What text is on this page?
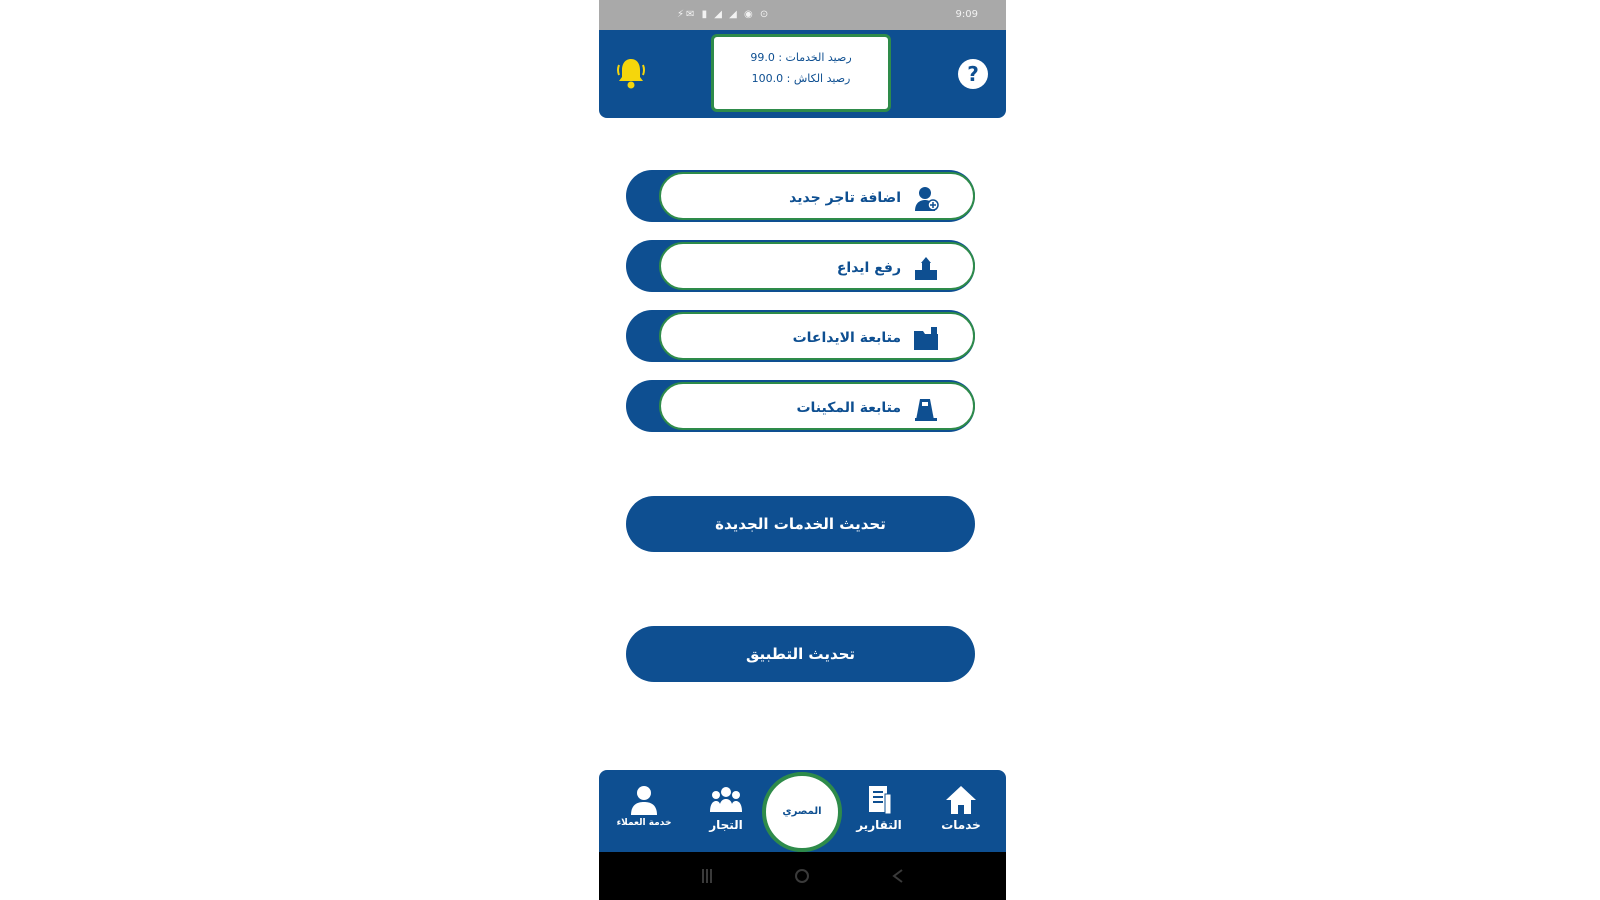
⚡✉ ▮ ◢ ◢ ◉ ⊙	9:09
رصيد الخدمات : 99.0
رصيد الكاش : 100.0	?
اضافة تاجر جديد
رفع ايداع
متابعة الايداعات
متابعة المكينات
تحديث الخدمات الجديدة
تحديث التطبيق
خدمة العملاء	التجار
المصري
التقارير	خدمات
